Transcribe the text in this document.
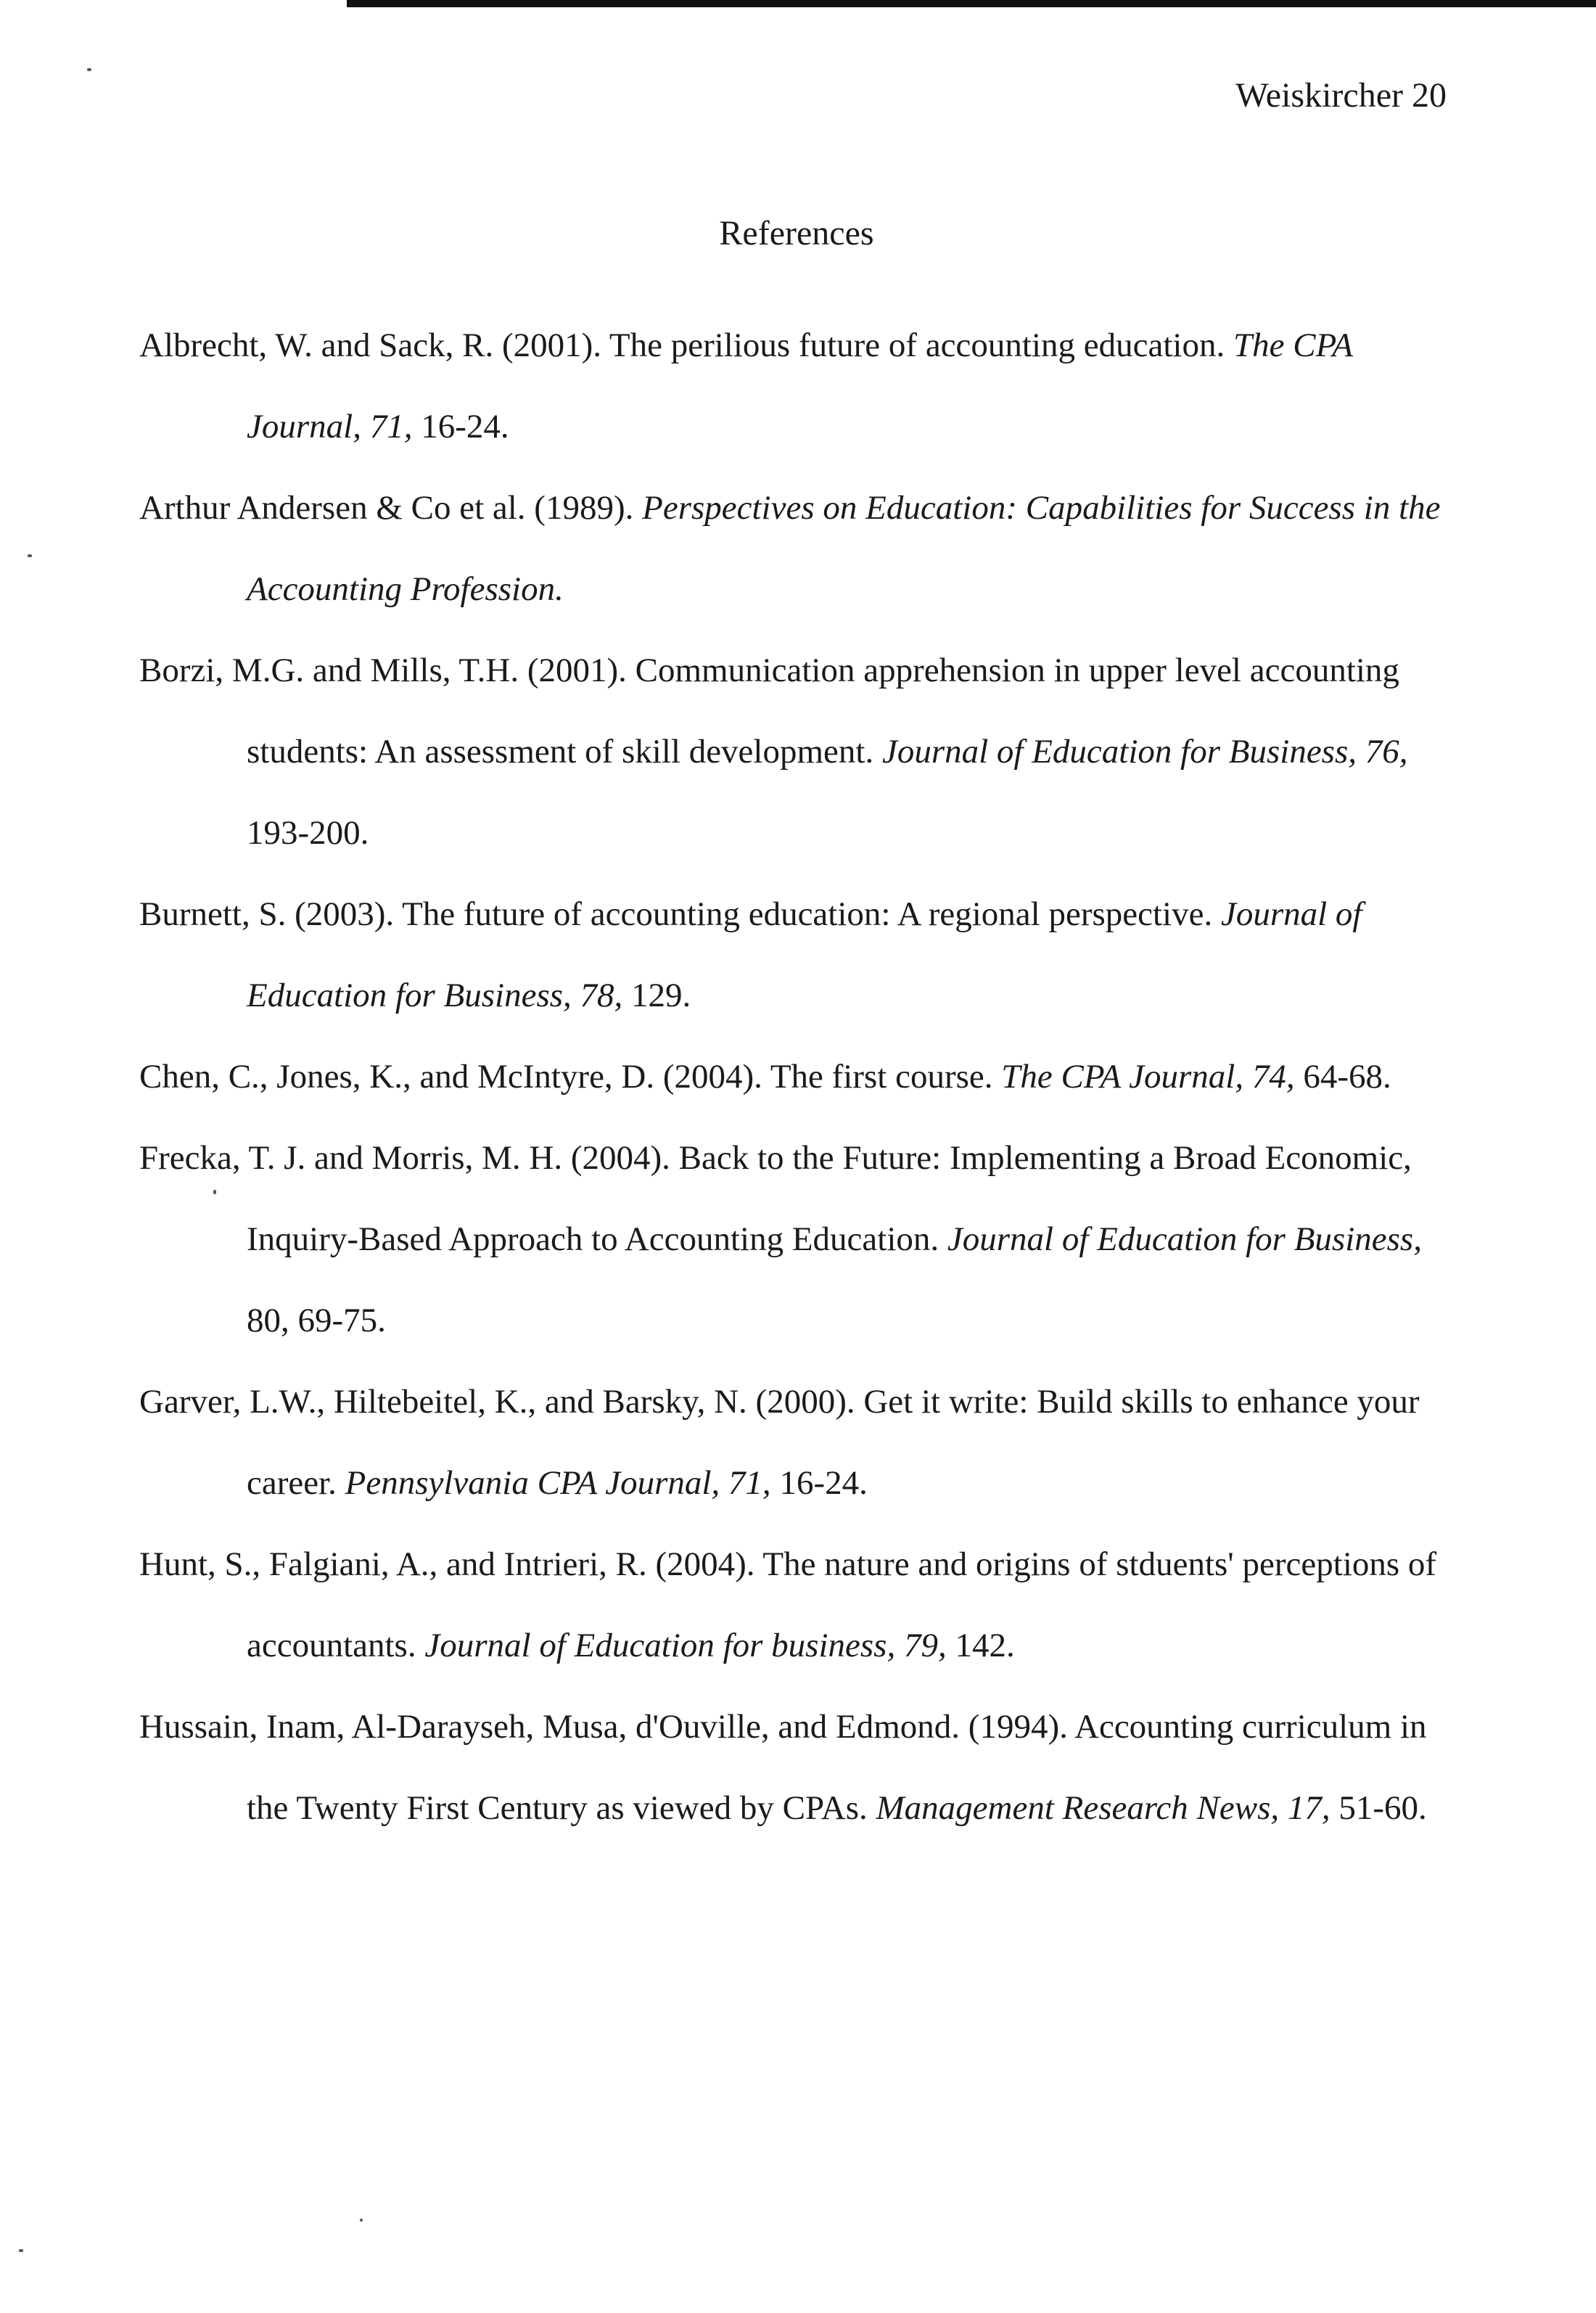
Weiskircher 20
References
Albrecht, W. and Sack, R. (2001). The perilious future of accounting education. The CPA Journal, 71, 16-24.
Arthur Andersen & Co et al. (1989). Perspectives on Education: Capabilities for Success in the Accounting Profession.
Borzi, M.G. and Mills, T.H. (2001). Communication apprehension in upper level accounting students: An assessment of skill development. Journal of Education for Business, 76, 193-200.
Burnett, S. (2003). The future of accounting education: A regional perspective. Journal of Education for Business, 78, 129.
Chen, C., Jones, K., and McIntyre, D. (2004). The first course. The CPA Journal, 74, 64-68.
Frecka, T. J. and Morris, M. H. (2004). Back to the Future: Implementing a Broad Economic, Inquiry-Based Approach to Accounting Education. Journal of Education for Business, 80, 69-75.
Garver, L.W., Hiltebeitel, K., and Barsky, N. (2000). Get it write: Build skills to enhance your career. Pennsylvania CPA Journal, 71, 16-24.
Hunt, S., Falgiani, A., and Intrieri, R. (2004). The nature and origins of stduents' perceptions of accountants. Journal of Education for business, 79, 142.
Hussain, Inam, Al-Darayseh, Musa, d'Ouville, and Edmond. (1994). Accounting curriculum in the Twenty First Century as viewed by CPAs. Management Research News, 17, 51-60.
